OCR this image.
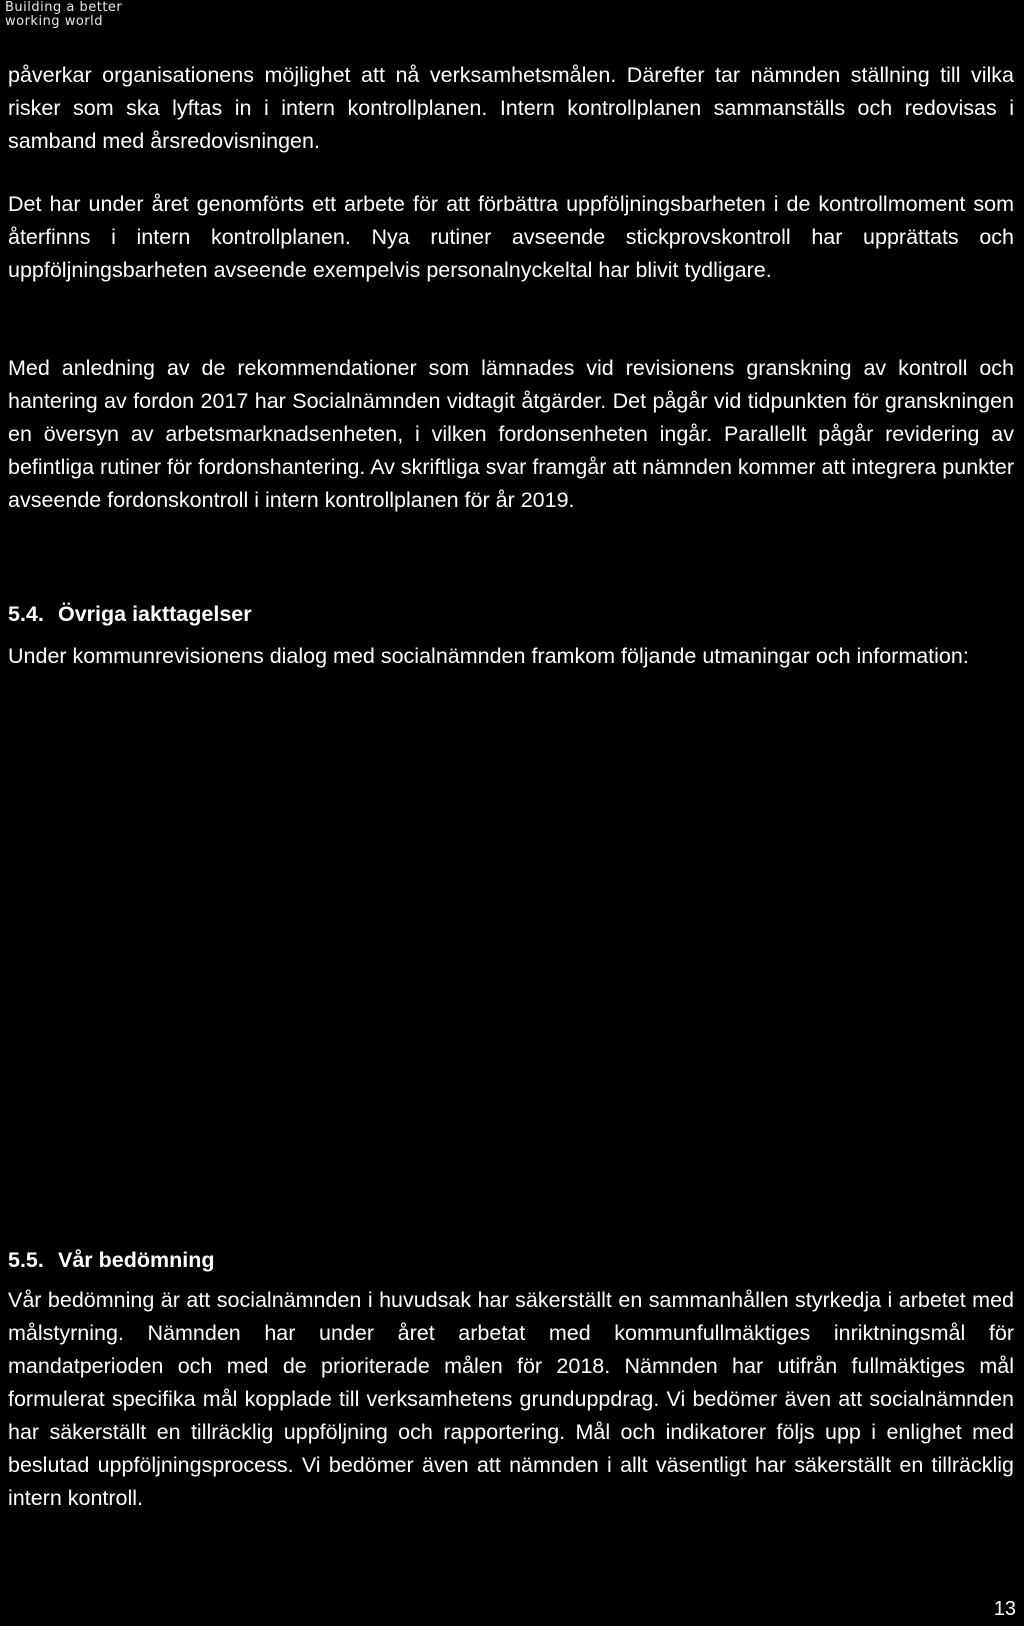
Building a better
working world

påverkar organisationens möjlighet att nå verksamhetsmålen. Därefter tar nämnden ställning till vilka risker som ska lyftas in i intern kontrollplanen. Intern kontrollplanen sammanställs och redovisas i samband med årsredovisningen.

Det har under året genomförts ett arbete för att förbättra uppföljningsbarheten i de kontrollmoment som återfinns i intern kontrollplanen. Nya rutiner avseende stickprovskontroll har upprättats och uppföljningsbarheten avseende exempelvis personalnyckeltal har blivit tydligare.

Med anledning av de rekommendationer som lämnades vid revisionens granskning av kontroll och hantering av fordon 2017 har Socialnämnden vidtagit åtgärder. Det pågår vid tidpunkten för granskningen en översyn av arbetsmarknadsenheten, i vilken fordonsenheten ingår. Parallellt pågår revidering av befintliga rutiner för fordonshantering. Av skriftliga svar framgår att nämnden kommer att integrera punkter avseende fordonskontroll i intern kontrollplanen för år 2019.

5.4. Övriga iakttagelser

Under kommunrevisionens dialog med socialnämnden framkom följande utmaningar och information:

5.5. Vår bedömning

Vår bedömning är att socialnämnden i huvudsak har säkerställt en sammanhållen styrkedja i arbetet med målstyrning. Nämnden har under året arbetat med kommunfullmäktiges inriktningsmål för mandatperioden och med de prioriterade målen för 2018. Nämnden har utifrån fullmäktiges mål formulerat specifika mål kopplade till verksamhetens grunduppdrag. Vi bedömer även att socialnämnden har säkerställt en tillräcklig uppföljning och rapportering. Mål och indikatorer följs upp i enlighet med beslutad uppföljningsprocess. Vi bedömer även att nämnden i allt väsentligt har säkerställt en tillräcklig intern kontroll.

13
